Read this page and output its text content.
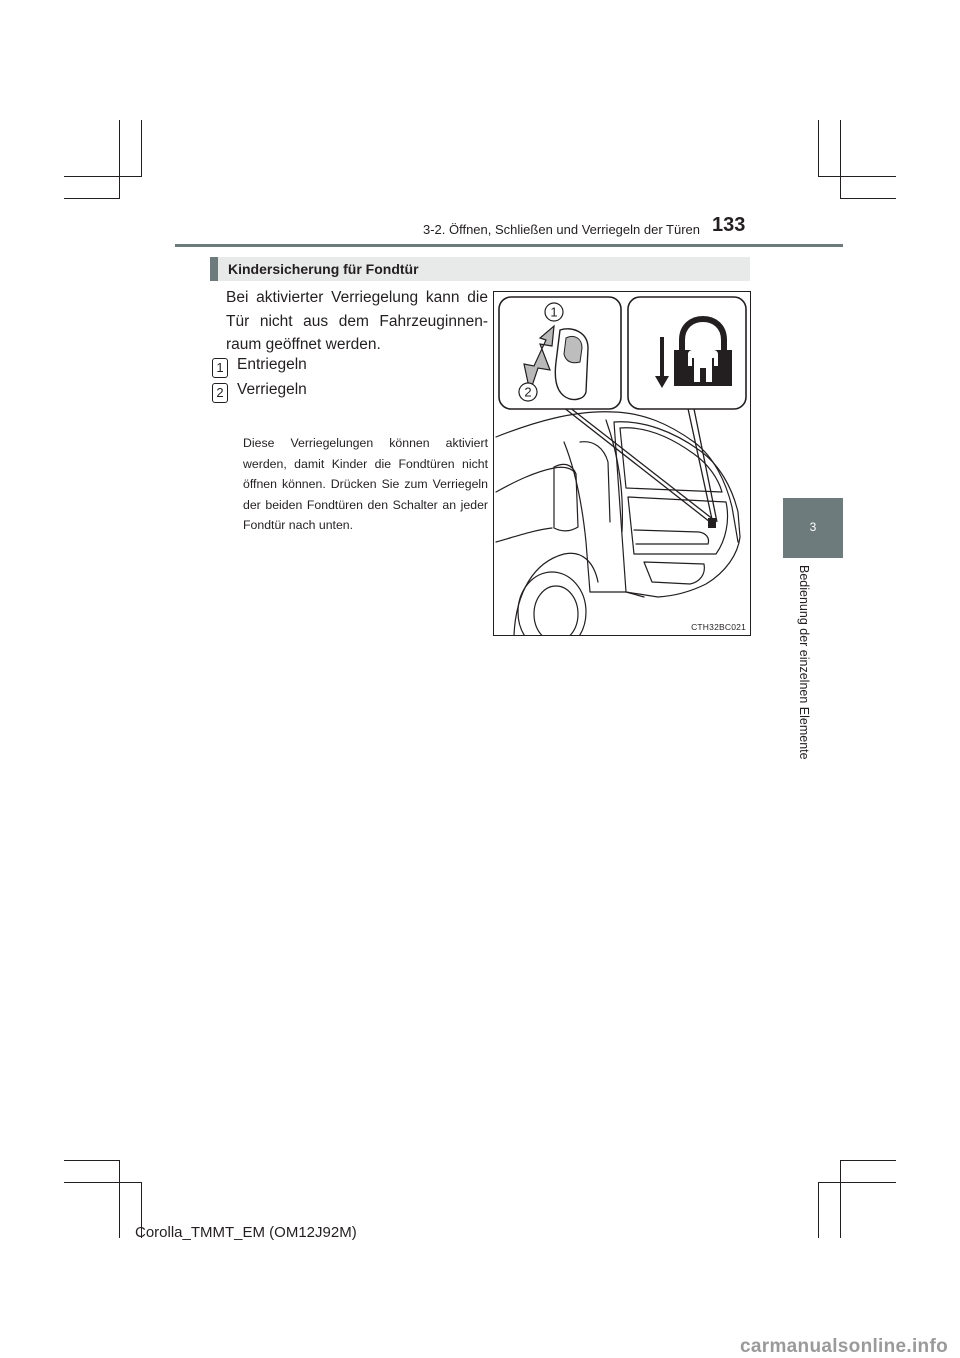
3-2. Öffnen, Schließen und Verriegeln der Türen 133
3
Bedienung der einzelnen Elemente
Kindersicherung für Fondtür
Bei aktivierter Verriegelung kann die Tür nicht aus dem Fahrzeuginnen-raum geöffnet werden.
1 Entriegeln
2 Verriegeln
Diese Verriegelungen können aktiviert werden, damit Kinder die Fondtüren nicht öffnen können. Drücken Sie zum Verriegeln der beiden Fondtüren den Schalter an jeder Fondtür nach unten.
1
2
CTH32BC021
Corolla_TMMT_EM (OM12J92M)
carmanualsonline.info
